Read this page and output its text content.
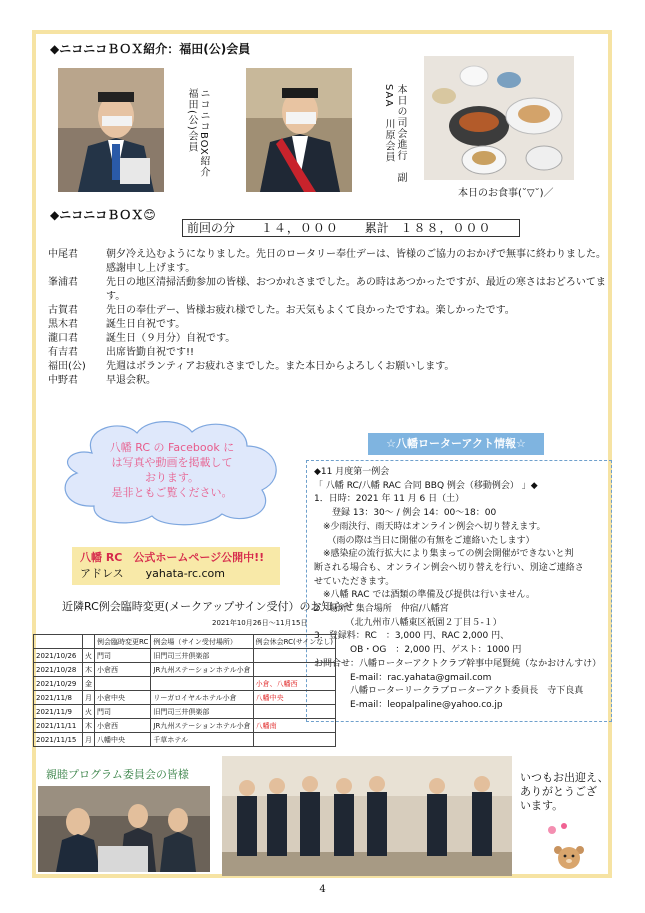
◆ニコニコＢＯＸ紹介：福田(公)会員
ニコニコBOX紹介　福田(公)会員	本日の司会進行　副SAA　川原会員
本日のお食事(˘▽˘)／
◆ニコニコＢＯＸ😊
前回の分 １４，０００ 累計 １８８，０００
中尾君	朝夕冷え込むようになりました。先日のロータリー奉仕デーは、皆様のご協力のおかげで無事に終わりました。感謝申し上げます。
峯浦君	先日の地区清掃活動参加の皆様、おつかれさまでした。あの時はあつかったですが、最近の寒さはおどろいてます。
古賀君	先日の奉仕デー、皆様お疲れ様でした。お天気もよくて良かったですね。楽しかったです。
黒木君	誕生日自祝です。
瀧口君	誕生日（９月分）自祝です。
有吉君	出席皆勤自祝です!!
福田(公)	先週はボランティアお疲れさまでした。また本日からよろしくお願いします。
中野君	早退会釈。
八幡 RC の Facebook に
は写真や動画を掲載して
おります。
是非ともご覧ください。
八幡 RC　公式ホームページ公開中!!
アドレス yahata-rc.com
☆八幡ローターアクト情報☆
◆11 月度第一例会
「 八幡 RC/八幡 RAC 合同 BBQ 例会（移動例会） 」◆
1．日時：2021 年 11 月 6 日（土）
　　登録 13：30～ / 例会 14：00～18：00
　※少雨決行、雨天時はオンライン例会へ切り替えます。
　　（雨の際は当日に開催の有無をご連絡いたします）
　※感染症の流行拡大により集まっての例会開催ができないと判
断される場合も、オンライン例会へ切り替えを行い、別途ご連絡さ
せていただきます。
　※八幡 RAC では酒類の準備及び提供は行いません。
2．場所：集合場所　仲宿/八幡宮
　　　　（北九州市八幡東区祇園２丁目５-１）
3．登録料：RC　：3,000 円、RAC 2,000 円、
　　　　OB・OG　：2,000 円、ゲスト：1000 円
お問合せ：八幡ローターアクトクラブ幹事中尾賢純（なかおけんすけ）
　　　　E-mail：rac.yahata@gmail.com
　　　　八幡ローターリークラブローターアクト委員長　寺下良真
　　　　E-mail：leopalpaline@yahoo.co.jp
近隣RC例会臨時変更(メークアップサイン受付）のお知らせ
2021年10月26日～11月15日
		例会臨時変更RC	例会場（サイン受付場所）	例会休会RC(サインなし)
2021/10/26	火	門司	旧門司三井倶楽部	
2021/10/28	木	小倉西	JR九州ステーションホテル小倉	
2021/10/29	金			小倉、八幡西
2021/11/8	月	小倉中央	リーガロイヤルホテル小倉	八幡中央
2021/11/9	火	門司	旧門司三井倶楽部	
2021/11/11	木	小倉西	JR九州ステーションホテル小倉	八幡南
2021/11/15	月	八幡中央	千草ホテル	
親睦プログラム委員会の皆様	いつもお出迎え、
ありがとうござ
います。
4
